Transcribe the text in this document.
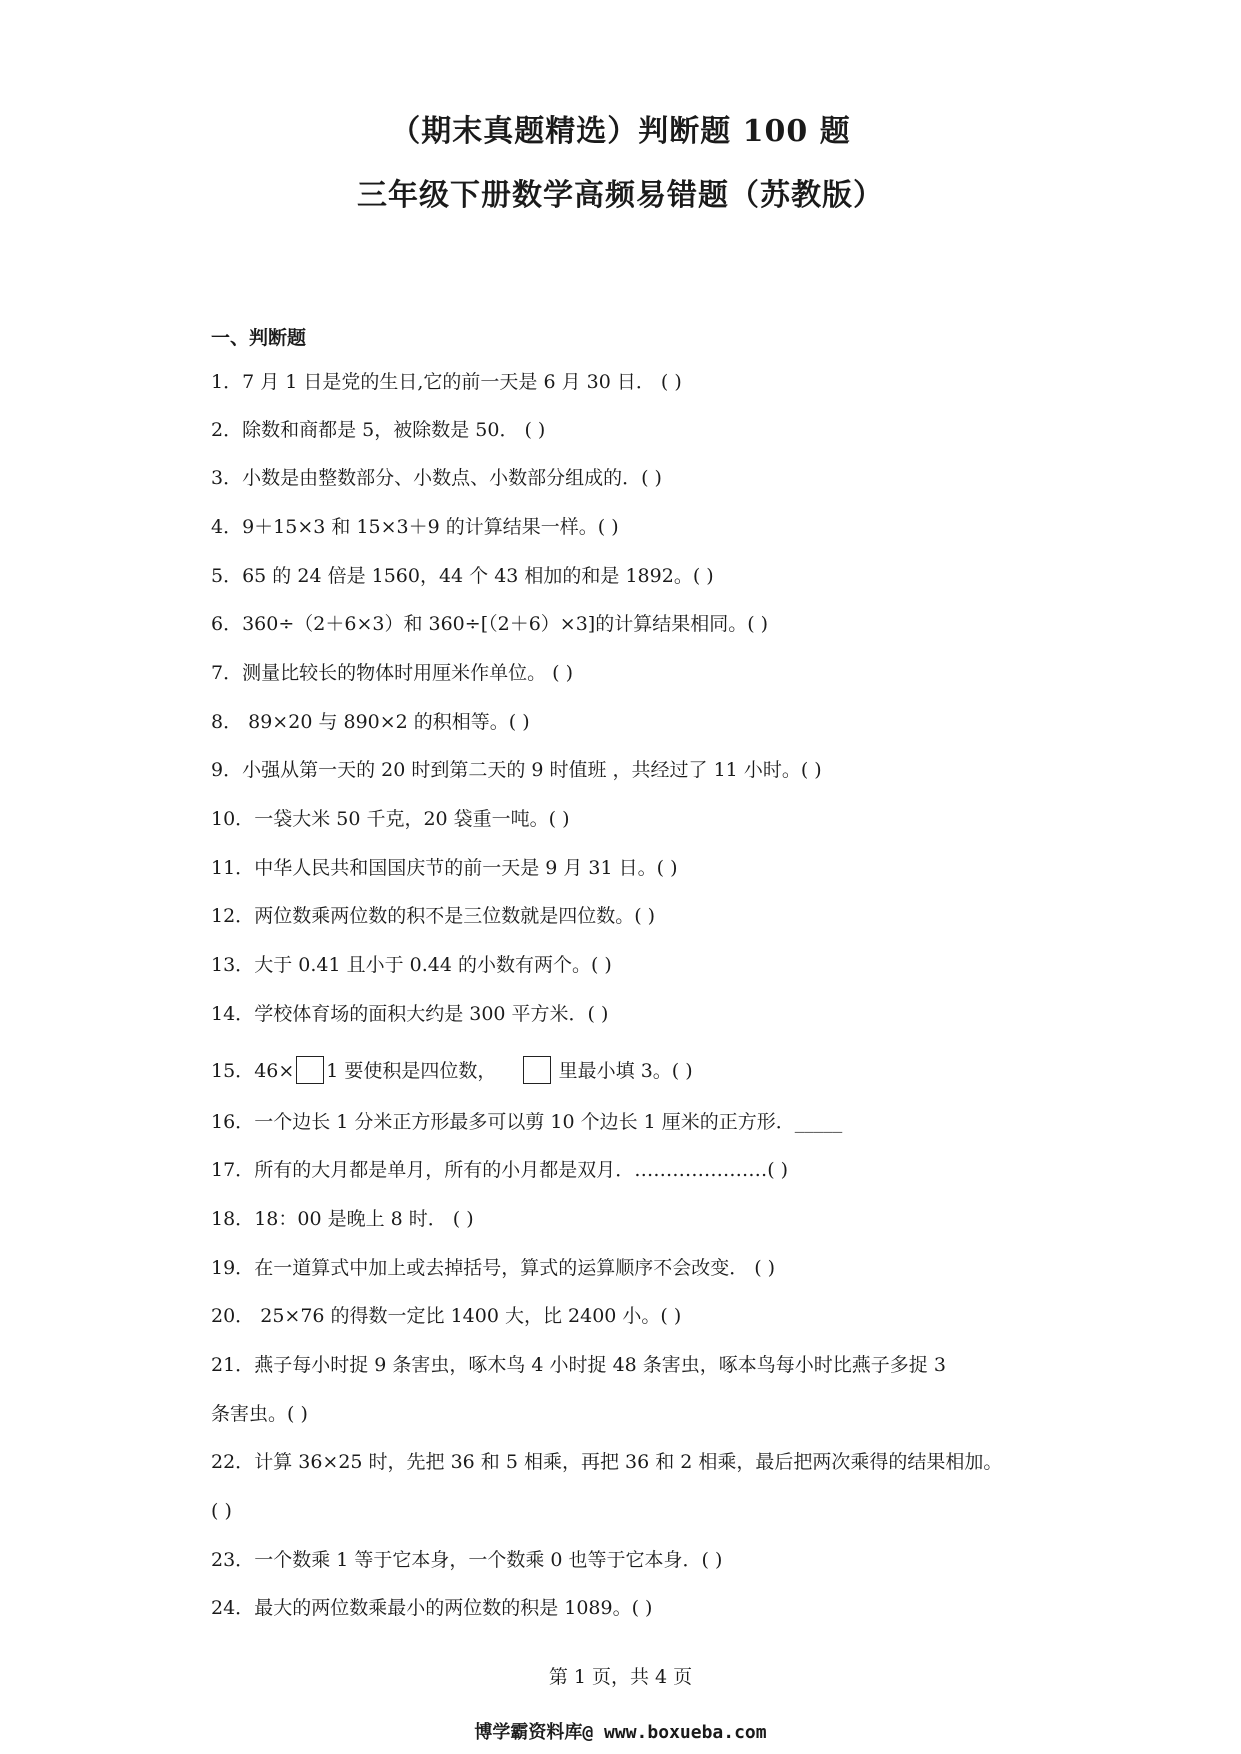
（期末真题精选）判断题 100 题
三年级下册数学高频易错题（苏教版）
一、判断题
1．7 月 1 日是党的生日,它的前一天是 6 月 30 日． ( )
2．除数和商都是 5，被除数是 50． ( )
3．小数是由整数部分、小数点、小数部分组成的．( )
4．9＋15×3 和 15×3＋9 的计算结果一样。( )
5．65 的 24 倍是 1560，44 个 43 相加的和是 1892。( )
6．360÷（2＋6×3）和 360÷[（2＋6）×3]的计算结果相同。( )
7．测量比较长的物体时用厘米作单位。 ( )
8． 89×20 与 890×2 的积相等。( )
9．小强从第一天的 20 时到第二天的 9 时值班 ，共经过了 11 小时。( )
10．一袋大米 50 千克，20 袋重一吨。( )
11．中华人民共和国国庆节的前一天是 9 月 31 日。( )
12．两位数乘两位数的积不是三位数就是四位数。( )
13．大于 0.41 且小于 0.44 的小数有两个。( )
14．学校体育场的面积大约是 300 平方米．( )
15．46× 1 要使积是四位数，	里最小填 3。( )
16．一个边长 1 分米正方形最多可以剪 10 个边长 1 厘米的正方形．_____
17．所有的大月都是单月，所有的小月都是双月．…………………( )
18．18：00 是晚上 8 时． ( )
19．在一道算式中加上或去掉括号，算式的运算顺序不会改变． ( )
20． 25×76 的得数一定比 1400 大，比 2400 小。( )
21．燕子每小时捉 9 条害虫，啄木鸟 4 小时捉 48 条害虫，啄本鸟每小时比燕子多捉 3
条害虫。( )
22．计算 36×25 时，先把 36 和 5 相乘，再把 36 和 2 相乘，最后把两次乘得的结果相加。
( )
23．一个数乘 1 等于它本身，一个数乘 0 也等于它本身．( )
24．最大的两位数乘最小的两位数的积是 1089。( )
第 1 页，共 4 页
博学霸资料库@ www.boxueba.com
